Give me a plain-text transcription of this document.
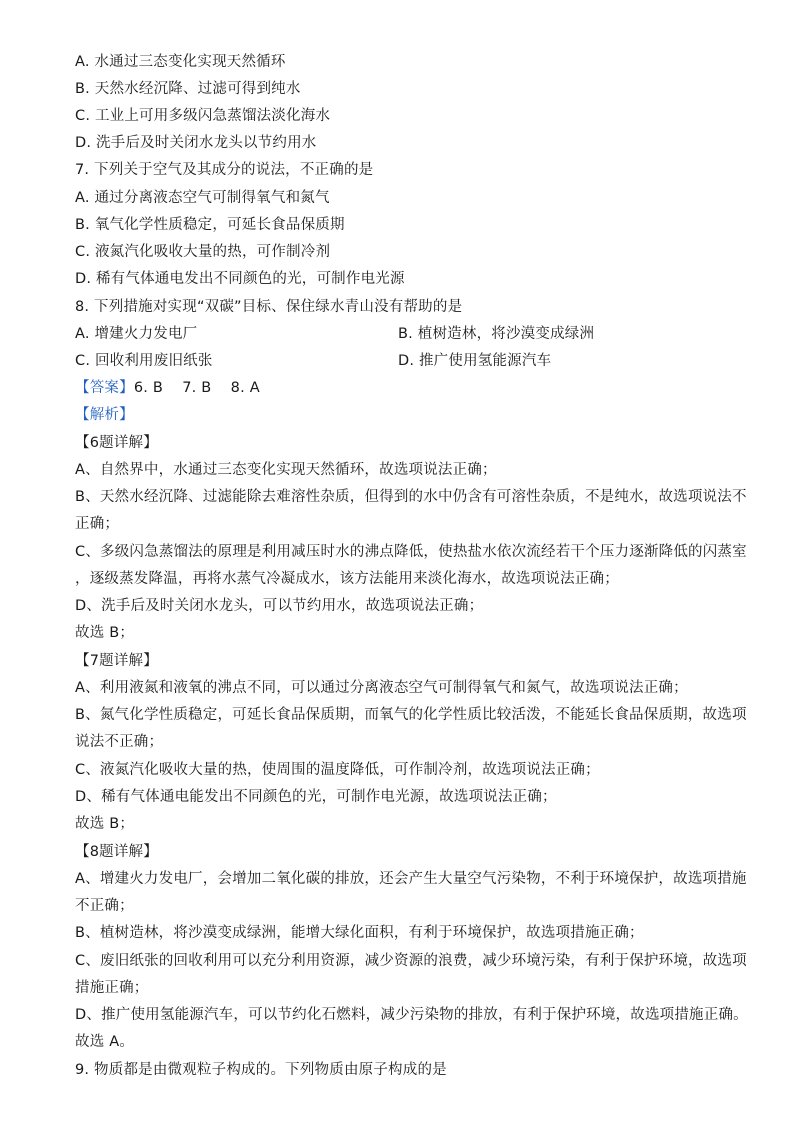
A. 水通过三态变化实现天然循环
B. 天然水经沉降、过滤可得到纯水
C. 工业上可用多级闪急蒸馏法淡化海水
D. 洗手后及时关闭水龙头以节约用水
7. 下列关于空气及其成分的说法，不正确的是
A. 通过分离液态空气可制得氧气和氮气
B. 氧气化学性质稳定，可延长食品保质期
C. 液氮汽化吸收大量的热，可作制冷剂
D. 稀有气体通电发出不同颜色的光，可制作电光源
8. 下列措施对实现“双碳”目标、保住绿水青山没有帮助的是
A. 增建火力发电厂	B. 植树造林，将沙漠变成绿洲
C. 回收利用废旧纸张	D. 推广使用氢能源汽车
【答案】6. B    7. B    8. A
【解析】
【6题详解】
A、自然界中，水通过三态变化实现天然循环，故选项说法正确；
B、天然水经沉降、过滤能除去难溶性杂质，但得到的水中仍含有可溶性杂质，不是纯水，故选项说法不
正确；
C、多级闪急蒸馏法的原理是利用减压时水的沸点降低，使热盐水依次流经若干个压力逐渐降低的闪蒸室
，逐级蒸发降温，再将水蒸气冷凝成水，该方法能用来淡化海水，故选项说法正确；
D、洗手后及时关闭水龙头，可以节约用水，故选项说法正确；
故选 B；
【7题详解】
A、利用液氮和液氧的沸点不同，可以通过分离液态空气可制得氧气和氮气，故选项说法正确；
B、氮气化学性质稳定，可延长食品保质期，而氧气的化学性质比较活泼，不能延长食品保质期，故选项
说法不正确；
C、液氮汽化吸收大量的热，使周围的温度降低，可作制冷剂，故选项说法正确；
D、稀有气体通电能发出不同颜色的光，可制作电光源，故选项说法正确；
故选 B；
【8题详解】
A、增建火力发电厂，会增加二氧化碳的排放，还会产生大量空气污染物，不利于环境保护，故选项措施
不正确；
B、植树造林，将沙漠变成绿洲，能增大绿化面积，有利于环境保护，故选项措施正确；
C、废旧纸张的回收利用可以充分利用资源，减少资源的浪费，减少环境污染，有利于保护环境，故选项
措施正确；
D、推广使用氢能源汽车，可以节约化石燃料，减少污染物的排放，有利于保护环境，故选项措施正确。
故选 A。
9. 物质都是由微观粒子构成的。下列物质由原子构成的是
